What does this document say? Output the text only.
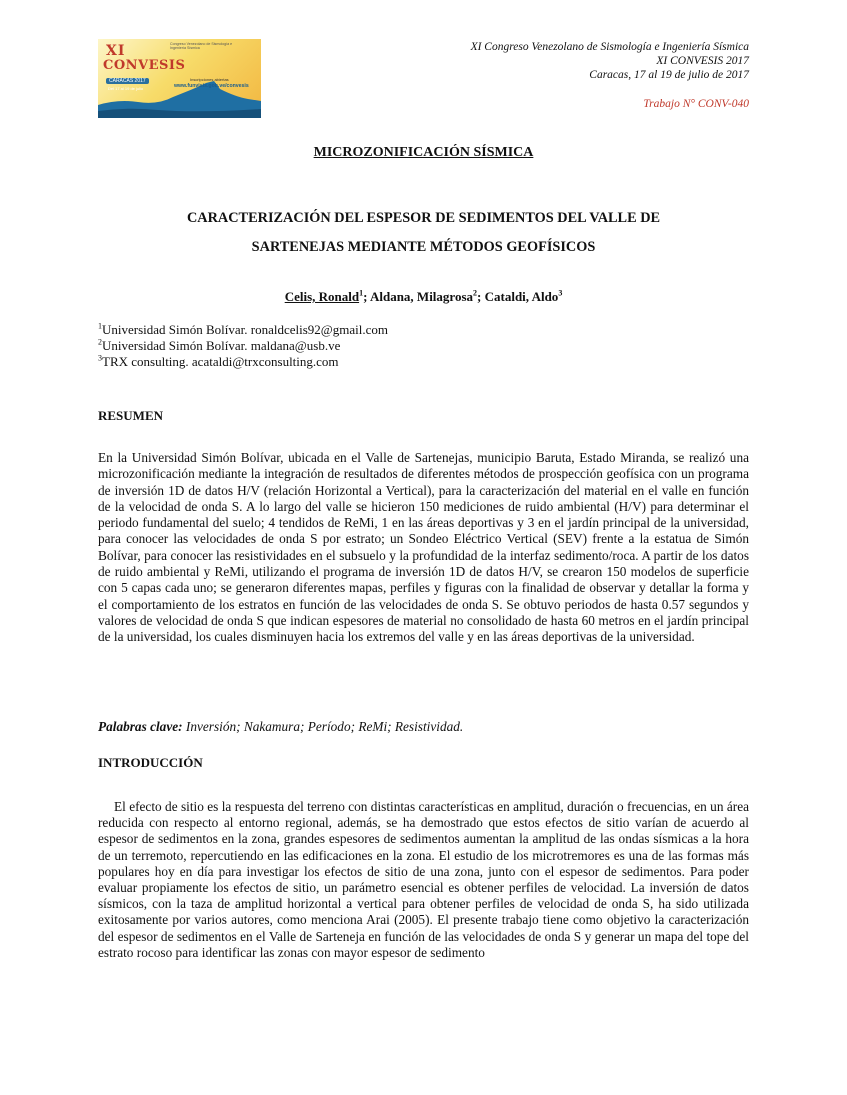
XI
CONVESIS
Congreso Venezolano de Sismología e Ingeniería Sísmica
CARACAS 2017
Del 17 al 19 de julio
Inscripciones abiertas
www.funvisis.gob.ve/convesis
XI Congreso Venezolano de Sismología e Ingeniería Sísmica
XI CONVESIS 2017
Caracas, 17 al 19 de julio de 2017
Trabajo N° CONV-040
MICROZONIFICACIÓN SÍSMICA
CARACTERIZACIÓN DEL ESPESOR DE SEDIMENTOS DEL VALLE DE
SARTENEJAS MEDIANTE MÉTODOS GEOFÍSICOS
Celis, Ronald$^1$; Aldana, Milagrosa$^2$; Cataldi, Aldo$^3$
$^1$Universidad Simón Bolívar. ronaldcelis92@gmail.com
$^2$Universidad Simón Bolívar. maldana@usb.ve
$^3$TRX consulting. acataldi@trxconsulting.com
RESUMEN

En la Universidad Simón Bolívar, ubicada en el Valle de Sartenejas, municipio Baruta, Estado Miranda, se realizó una microzonificación mediante la integración de resultados de diferentes métodos de prospección geofísica con un programa de inversión 1D de datos H/V (relación Horizontal a Vertical), para la caracterización del material en el valle en función de la velocidad de onda S. A lo largo del valle se hicieron 150 mediciones de ruido ambiental (H/V) para determinar el periodo fundamental del suelo; 4 tendidos de ReMi, 1 en las áreas deportivas y 3 en el jardín principal de la universidad, para conocer las velocidades de onda S por estrato; un Sondeo Eléctrico Vertical (SEV) frente a la estatua de Simón Bolívar, para conocer las resistividades en el subsuelo y la profundidad de la interfaz sedimento/roca. A partir de los datos de ruido ambiental y ReMi, utilizando el programa de inversión 1D de datos H/V, se crearon 150 modelos de superficie con 5 capas cada uno; se generaron diferentes mapas, perfiles y figuras con la finalidad de observar y detallar la forma y el comportamiento de los estratos en función de las velocidades de onda S. Se obtuvo periodos de hasta 0.57 segundos y valores de velocidad de onda S que indican espesores de material no consolidado de hasta 60 metros en el jardín principal de la universidad, los cuales disminuyen hacia los extremos del valle y en las áreas deportivas de la universidad.

Palabras clave: Inversión; Nakamura; Período; ReMi; Resistividad.
INTRODUCCIÓN

El efecto de sitio es la respuesta del terreno con distintas características en amplitud, duración o frecuencias, en un área reducida con respecto al entorno regional, además, se ha demostrado que estos efectos de sitio varían de acuerdo al espesor de sedimentos en la zona, grandes espesores de sedimentos aumentan la amplitud de las ondas sísmicas a la hora de un terremoto, repercutiendo en las edificaciones en la zona. El estudio de los microtremores es una de las formas más populares hoy en día para investigar los efectos de sitio de una zona, junto con el espesor de sedimentos. Para poder evaluar propiamente los efectos de sitio, un parámetro esencial es obtener perfiles de velocidad. La inversión de datos sísmicos, con la taza de amplitud horizontal a vertical para obtener perfiles de velocidad de onda S, ha sido utilizada exitosamente por varios autores, como menciona Arai (2005). El presente trabajo tiene como objetivo la caracterización del espesor de sedimentos en el Valle de Sarteneja en función de las velocidades de onda S y generar un mapa del tope del estrato rocoso para identificar las zonas con mayor espesor de sedimento
